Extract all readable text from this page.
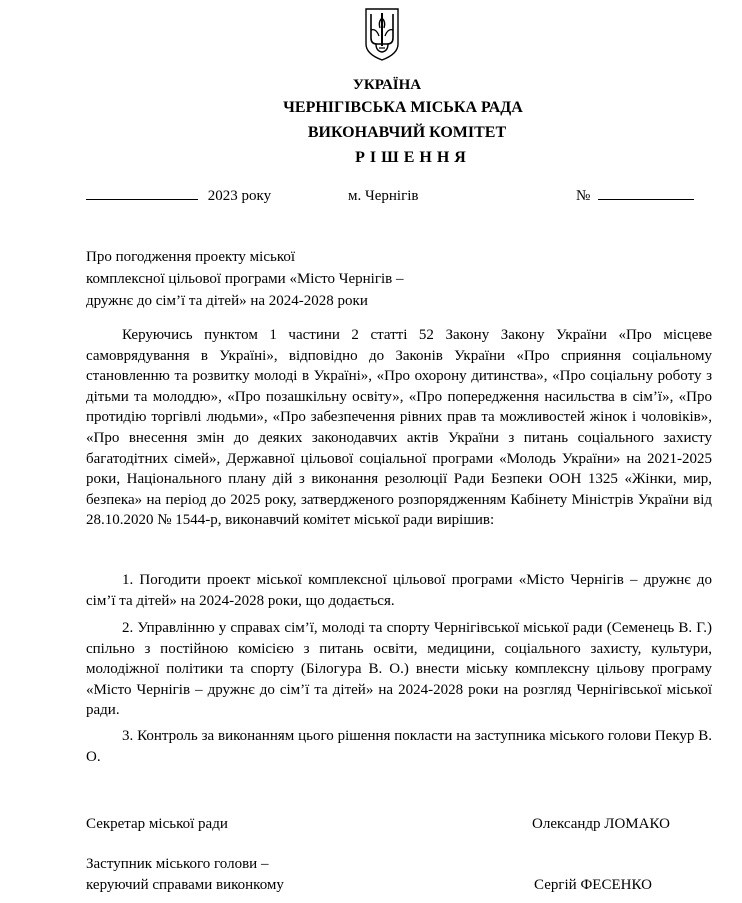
УКРАЇНА
ЧЕРНІГІВСЬКА МІСЬКА РАДА
ВИКОНАВЧИЙ КОМІТЕТ
РІШЕННЯ
2023 року	м. Чернігів	№
Про погодження проекту міської
комплексної цільової програми «Місто Чернігів –
дружнє до сім’ї та дітей» на 2024-2028 роки

Керуючись пунктом 1 частини 2 статті 52 Закону Закону України «Про місцеве самоврядування в Україні», відповідно до Законів України «Про сприяння соціальному становленню та розвитку молоді в Україні», «Про охорону дитинства», «Про соціальну роботу з дітьми та молоддю», «Про позашкільну освіту», «Про попередження насильства в сім’ї», «Про протидію торгівлі людьми», «Про забезпечення рівних прав та можливостей жінок і чоловіків», «Про внесення змін до деяких законодавчих актів України з питань соціального захисту багатодітних сімей», Державної цільової соціальної програми «Молодь України» на 2021-2025 роки, Національного плану дій з виконання резолюції Ради Безпеки ООН 1325 «Жінки, мир, безпека» на період до 2025 року, затвердженого розпорядженням Кабінету Міністрів України від 28.10.2020 № 1544-р, виконавчий комітет міської ради вирішив:

1. Погодити проект міської комплексної цільової програми «Місто Чернігів – дружнє до сім’ї та дітей» на 2024-2028 роки, що додається.

2. Управлінню у справах сім’ї, молоді та спорту Чернігівської міської ради (Семенець В. Г.) спільно з постійною комісією з питань освіти, медицини, соціального захисту, культури, молодіжної політики та спорту (Білогура В. О.) внести міську комплексну цільову програму «Місто Чернігів – дружнє до сім’ї та дітей» на 2024-2028 роки на розгляд Чернігівської міської ради.

3. Контроль за виконанням цього рішення покласти на заступника міського голови Пекур В. О.

Секретар міської ради	Олександр ЛОМАКО
Заступник міського голови –
керуючий справами виконкому	Сергій ФЕСЕНКО
